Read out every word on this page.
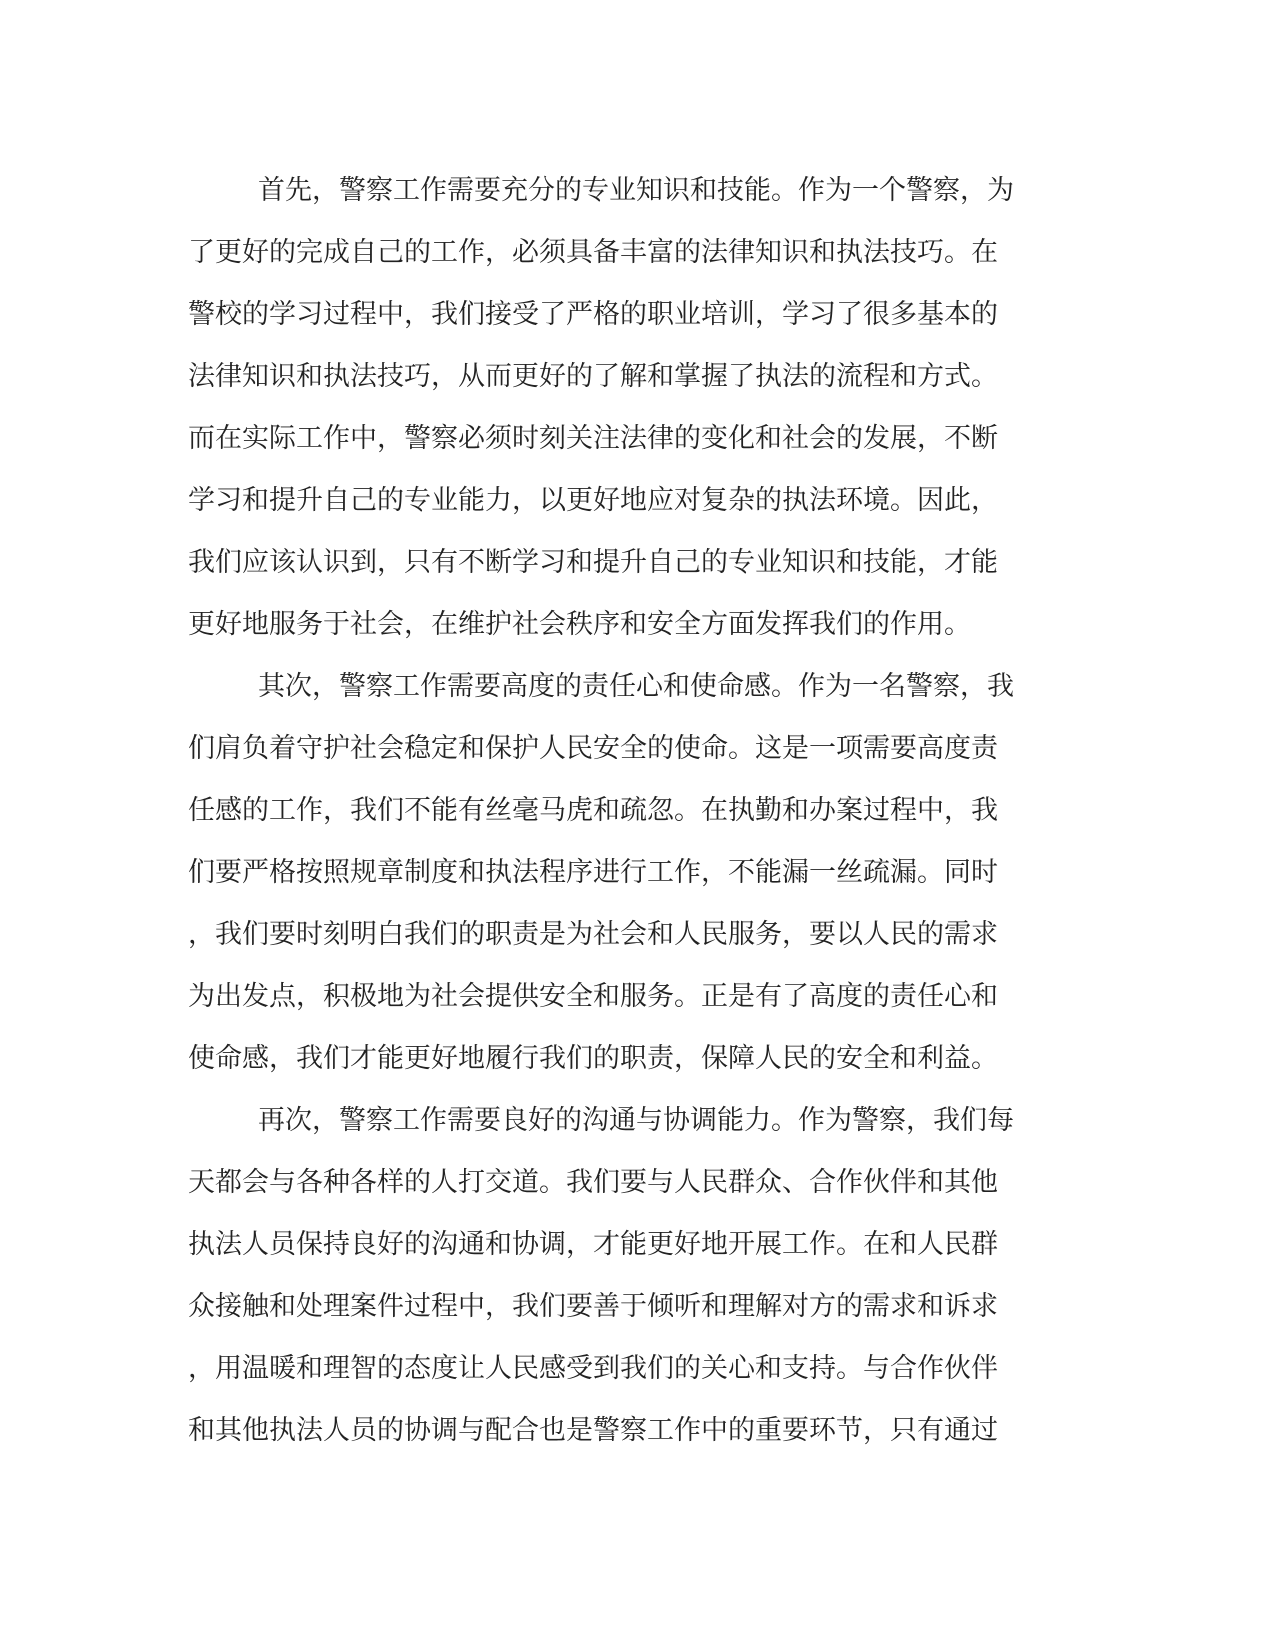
首先，警察工作需要充分的专业知识和技能。作为一个警察，为
了更好的完成自己的工作，必须具备丰富的法律知识和执法技巧。在
警校的学习过程中，我们接受了严格的职业培训，学习了很多基本的
法律知识和执法技巧，从而更好的了解和掌握了执法的流程和方式。
而在实际工作中，警察必须时刻关注法律的变化和社会的发展，不断
学习和提升自己的专业能力，以更好地应对复杂的执法环境。因此，
我们应该认识到，只有不断学习和提升自己的专业知识和技能，才能
更好地服务于社会，在维护社会秩序和安全方面发挥我们的作用。
其次，警察工作需要高度的责任心和使命感。作为一名警察，我
们肩负着守护社会稳定和保护人民安全的使命。这是一项需要高度责
任感的工作，我们不能有丝毫马虎和疏忽。在执勤和办案过程中，我
们要严格按照规章制度和执法程序进行工作，不能漏一丝疏漏。同时
，我们要时刻明白我们的职责是为社会和人民服务，要以人民的需求
为出发点，积极地为社会提供安全和服务。正是有了高度的责任心和
使命感，我们才能更好地履行我们的职责，保障人民的安全和利益。
再次，警察工作需要良好的沟通与协调能力。作为警察，我们每
天都会与各种各样的人打交道。我们要与人民群众、合作伙伴和其他
执法人员保持良好的沟通和协调，才能更好地开展工作。在和人民群
众接触和处理案件过程中，我们要善于倾听和理解对方的需求和诉求
，用温暖和理智的态度让人民感受到我们的关心和支持。与合作伙伴
和其他执法人员的协调与配合也是警察工作中的重要环节，只有通过
